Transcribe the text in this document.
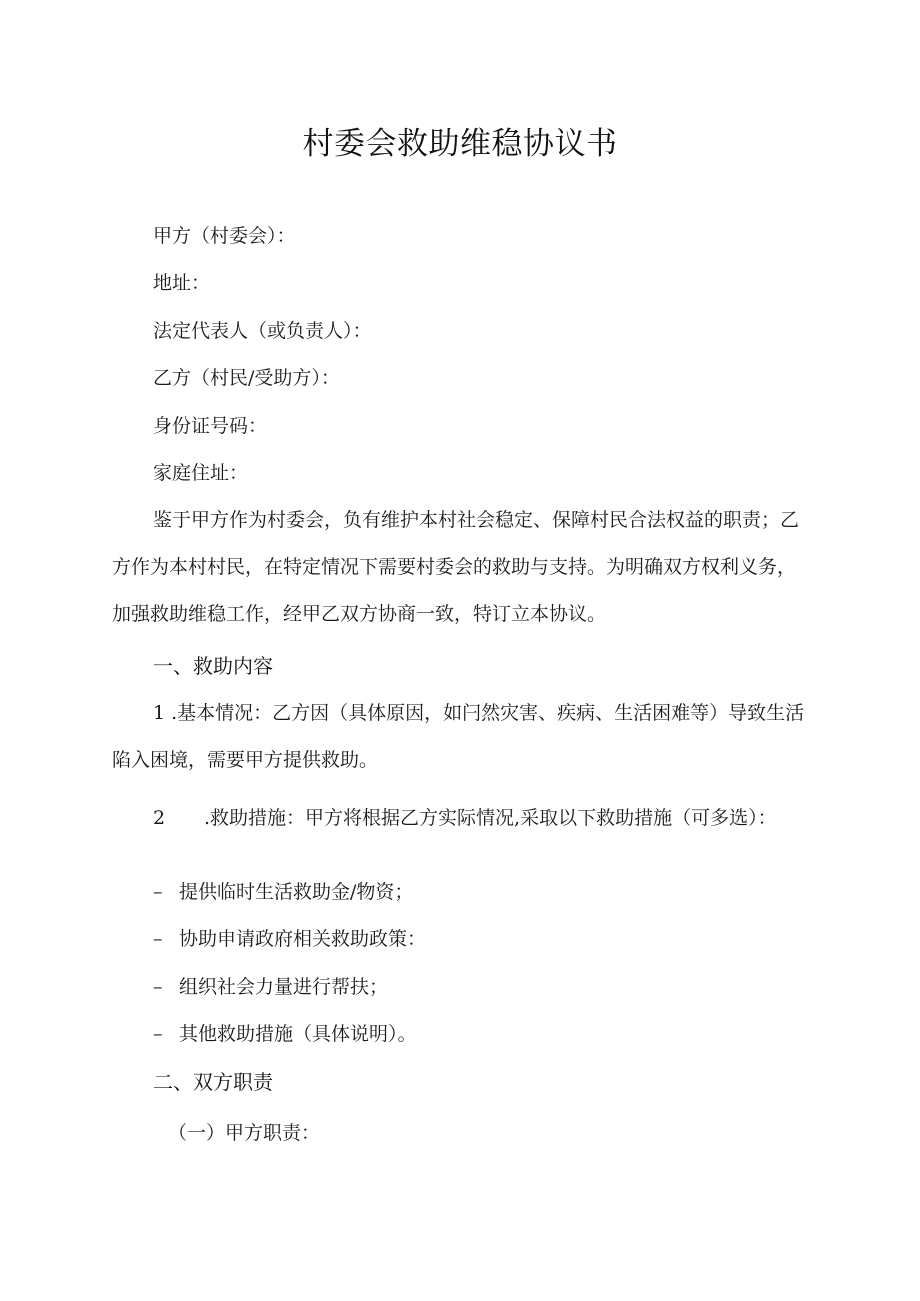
村委会救助维稳协议书
甲方（村委会）：
地址：
法定代表人（或负责人）：
乙方（村民/受助方）：
身份证号码：
家庭住址：

鉴于甲方作为村委会，负有维护本村社会稳定、保障村民合法权益的职责；乙方作为本村村民，在特定情况下需要村委会的救助与支持。为明确双方权利义务，加强救助维稳工作，经甲乙双方协商一致，特订立本协议。

一、救助内容

1 .基本情况：乙方因（具体原因，如闩然灾害、疾病、生活困难等）导致生活陷入困境，需要甲方提供救助。

2 .救助措施：甲方将根据乙方实际情况,采取以下救助措施（可多选）：
– 提供临时生活救助金/物资；
– 协助申请政府相关救助政策：
– 组织社会力量进行帮扶；
– 其他救助措施（具体说明）。
二、双方职责
（一）甲方职责：
